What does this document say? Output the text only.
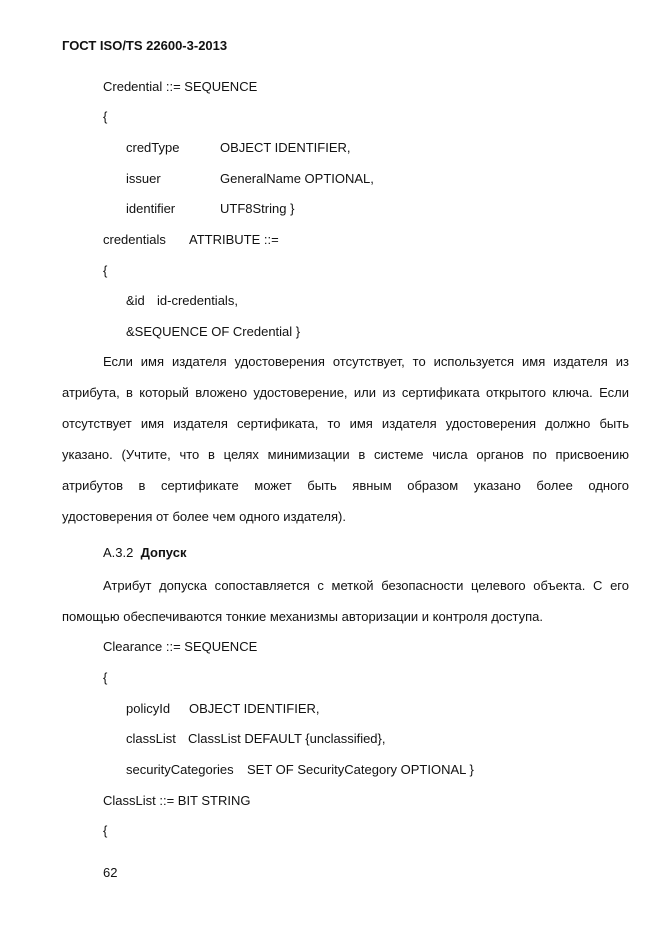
ГОСТ ISO/TS 22600-3-2013
Credential ::= SEQUENCE
{
credType	OBJECT IDENTIFIER,
issuer	GeneralName OPTIONAL,
identifier	UTF8String }
credentials ATTRIBUTE ::=
{
&id id-credentials,
&SEQUENCE OF Credential }
Если имя издателя удостоверения отсутствует, то используется имя издателя из
атрибута, в который вложено удостоверение, или из сертификата открытого ключа. Если
отсутствует имя издателя сертификата, то имя издателя удостоверения должно быть
указано. (Учтите, что в целях минимизации в системе числа органов по присвоению
атрибутов в сертификате может быть явным образом указано более одного
удостоверения от более чем одного издателя).
А.3.2 Допуск
Атрибут допуска сопоставляется с меткой безопасности целевого объекта. С его
помощью обеспечиваются тонкие механизмы авторизации и контроля доступа.
Clearance ::= SEQUENCE
{
policyId OBJECT IDENTIFIER,
classList ClassList DEFAULT {unclassified},
securityCategories SET OF SecurityCategory OPTIONAL }
ClassList ::= BIT STRING
{
62
